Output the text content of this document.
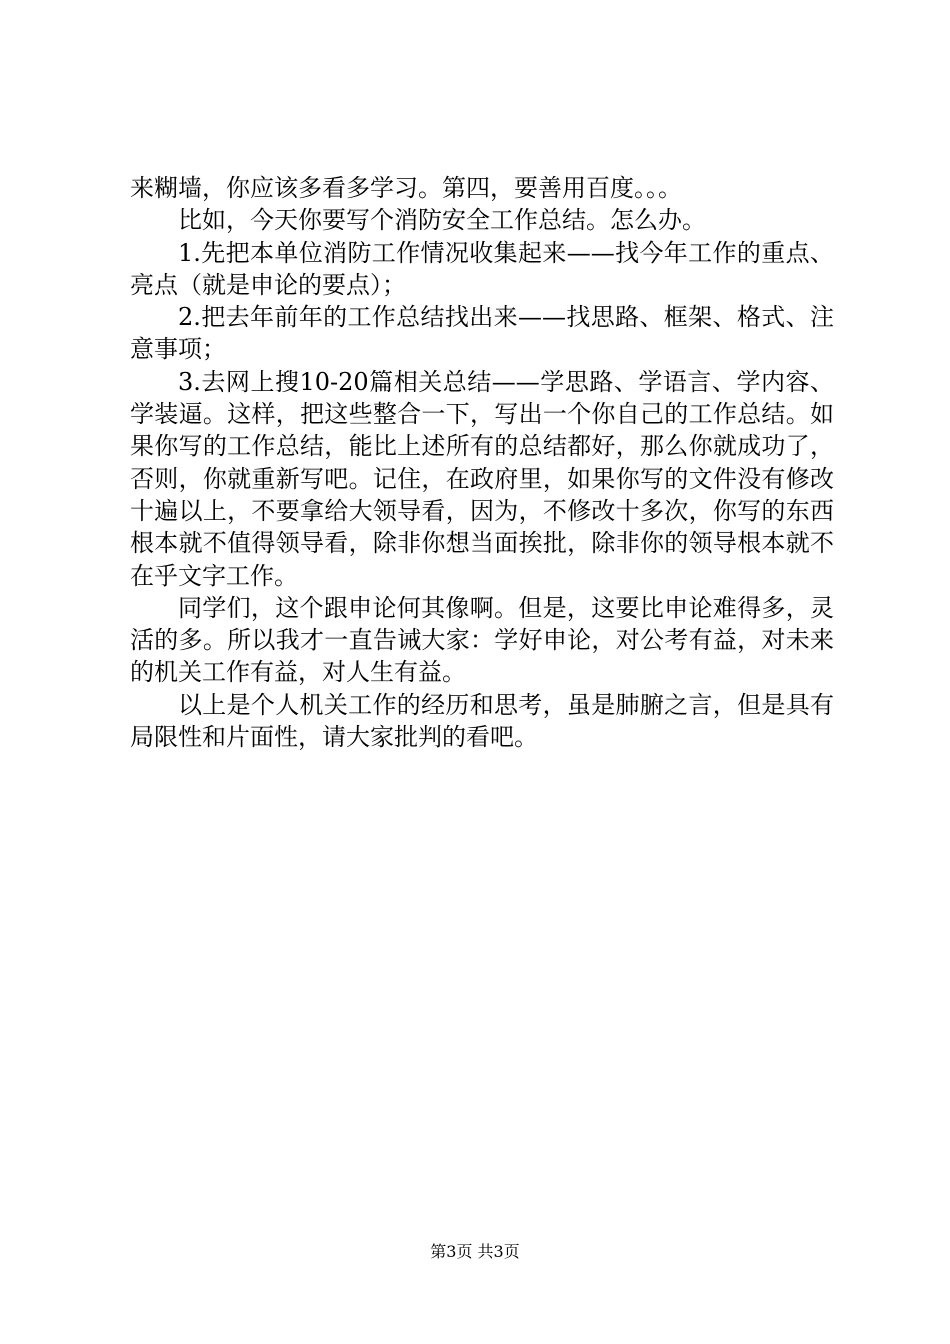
来糊墙，你应该多看多学习。第四，要善用百度。。。

比如，今天你要写个消防安全工作总结。怎么办。

1.先把本单位消防工作情况收集起来——找今年工作的重点、亮点（就是申论的要点）；

2.把去年前年的工作总结找出来——找思路、框架、格式、注意事项；

3.去网上搜10-20篇相关总结——学思路、学语言、学内容、学装逼。这样，把这些整合一下，写出一个你自己的工作总结。如果你写的工作总结，能比上述所有的总结都好，那么你就成功了，否则，你就重新写吧。记住，在政府里，如果你写的文件没有修改十遍以上，不要拿给大领导看，因为，不修改十多次，你写的东西根本就不值得领导看，除非你想当面挨批，除非你的领导根本就不在乎文字工作。

同学们，这个跟申论何其像啊。但是，这要比申论难得多，灵活的多。所以我才一直告诫大家：学好申论，对公考有益，对未来的机关工作有益，对人生有益。

以上是个人机关工作的经历和思考，虽是肺腑之言，但是具有局限性和片面性，请大家批判的看吧。

第3页 共3页
